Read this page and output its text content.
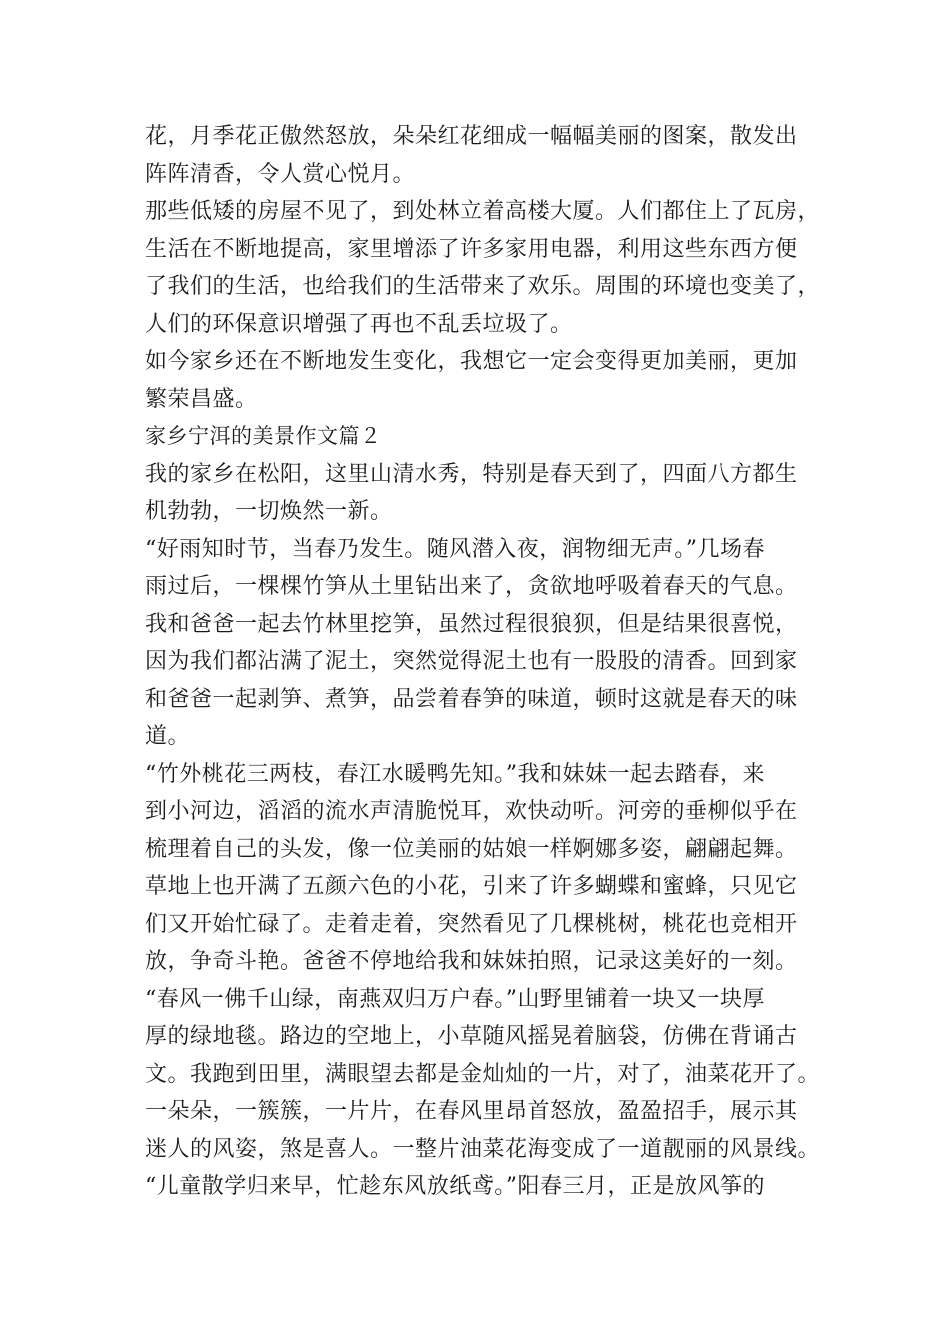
花，月季花正傲然怒放，朵朵红花细成一幅幅美丽的图案，散发出
阵阵清香，令人赏心悦月。
那些低矮的房屋不见了，到处林立着高楼大厦。人们都住上了瓦房，
生活在不断地提高，家里增添了许多家用电器，利用这些东西方便
了我们的生活，也给我们的生活带来了欢乐。周围的环境也变美了，
人们的环保意识增强了再也不乱丢垃圾了。
如今家乡还在不断地发生变化，我想它一定会变得更加美丽，更加
繁荣昌盛。
家乡宁洱的美景作文篇２
我的家乡在松阳，这里山清水秀，特别是春天到了，四面八方都生
机勃勃，一切焕然一新。
“好雨知时节，当春乃发生。随风潜入夜，润物细无声。”几场春
雨过后，一棵棵竹笋从土里钻出来了，贪欲地呼吸着春天的气息。
我和爸爸一起去竹林里挖笋，虽然过程很狼狈，但是结果很喜悦，
因为我们都沾满了泥土，突然觉得泥土也有一股股的清香。回到家
和爸爸一起剥笋、煮笋，品尝着春笋的味道，顿时这就是春天的味
道。
“竹外桃花三两枝，春江水暖鸭先知。”我和妹妹一起去踏春，来
到小河边，滔滔的流水声清脆悦耳，欢快动听。河旁的垂柳似乎在
梳理着自己的头发，像一位美丽的姑娘一样婀娜多姿，翩翩起舞。
草地上也开满了五颜六色的小花，引来了许多蝴蝶和蜜蜂，只见它
们又开始忙碌了。走着走着，突然看见了几棵桃树，桃花也竞相开
放，争奇斗艳。爸爸不停地给我和妹妹拍照，记录这美好的一刻。
“春风一佛千山绿，南燕双归万户春。”山野里铺着一块又一块厚
厚的绿地毯。路边的空地上，小草随风摇晃着脑袋，仿佛在背诵古
文。我跑到田里，满眼望去都是金灿灿的一片，对了，油菜花开了。
一朵朵，一簇簇，一片片，在春风里昂首怒放，盈盈招手，展示其
迷人的风姿，煞是喜人。一整片油菜花海变成了一道靓丽的风景线。
“儿童散学归来早，忙趁东风放纸鸢。”阳春三月，正是放风筝的
